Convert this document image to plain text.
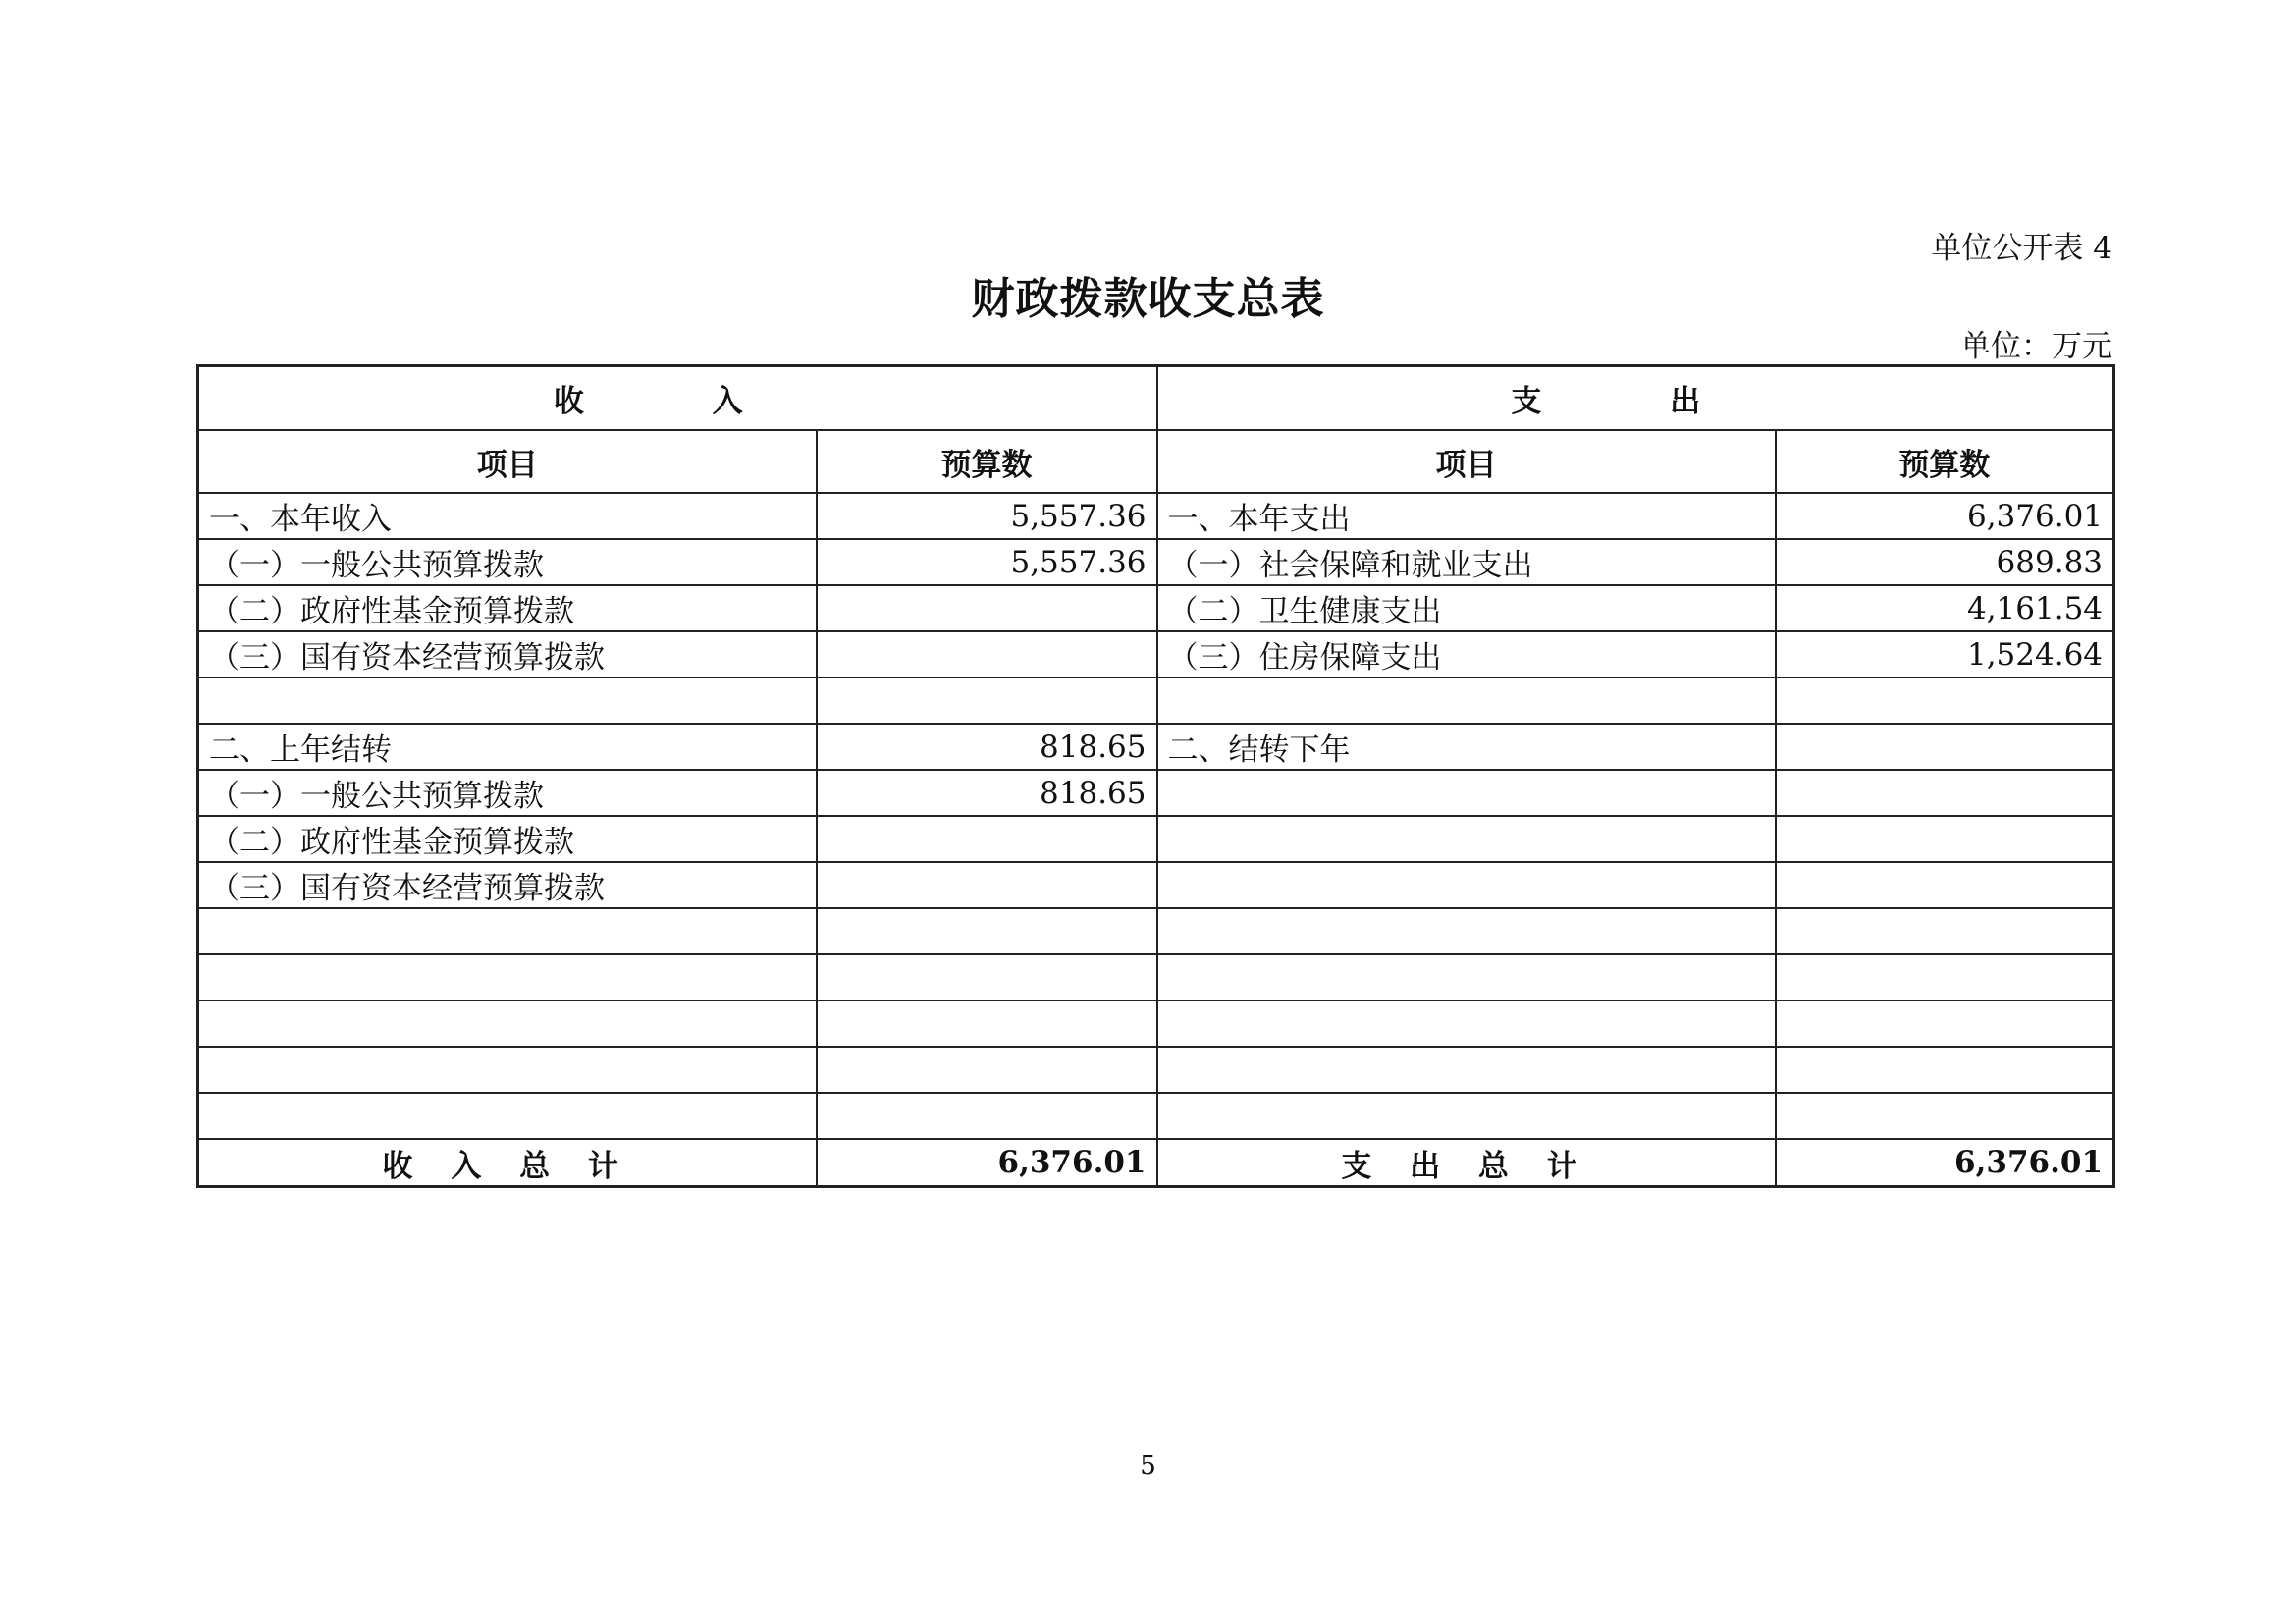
单位公开表 4
财政拨款收支总表
单位：万元
收 入		支 出	
项目	预算数	项目	预算数
一、本年收入	5,557.36	一、本年支出	6,376.01
（一）一般公共预算拨款	5,557.36	（一）社会保障和就业支出	689.83
（二）政府性基金预算拨款		（二）卫生健康支出	4,161.54
（三）国有资本经营预算拨款		（三）住房保障支出	1,524.64

二、上年结转	818.65	二、结转下年	
（一）一般公共预算拨款	818.65		
（二）政府性基金预算拨款			
（三）国有资本经营预算拨款			

收 入 总 计	6,376.01	支 出 总 计	6,376.01
5
